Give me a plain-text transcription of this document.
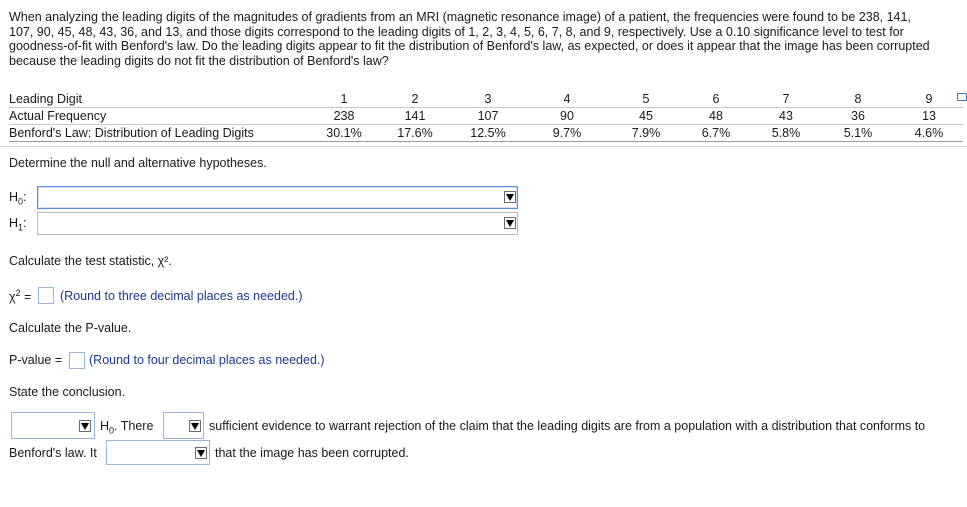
When analyzing the leading digits of the magnitudes of gradients from an MRI (magnetic resonance image) of a patient, the frequencies were found to be 238, 141,
107, 90, 45, 48, 43, 36, and 13, and those digits correspond to the leading digits of 1, 2, 3, 4, 5, 6, 7, 8, and 9, respectively. Use a 0.10 significance level to test for
goodness-of-fit with Benford's law. Do the leading digits appear to fit the distribution of Benford's law, as expected, or does it appear that the image has been corrupted
because the leading digits do not fit the distribution of Benford's law?
Leading Digit	1	2	3	4	5	6	7	8	9
Actual Frequency	238	141	107	90	45	48	43	36	13
Benford's Law: Distribution of Leading Digits	30.1%	17.6%	12.5%	9.7%	7.9%	6.7%	5.8%	5.1%	4.6%
Determine the null and alternative hypotheses.
$H_0$:
$H_1$:
Calculate the test statistic, χ².
$\chi^2$ = (Round to three decimal places as needed.)
Calculate the P-value.
P-value = (Round to four decimal places as needed.)
State the conclusion.
$H_0$. There	sufficient evidence to warrant rejection of the claim that the leading digits are from a population with a distribution that conforms to
Benford's law. It	that the image has been corrupted.
